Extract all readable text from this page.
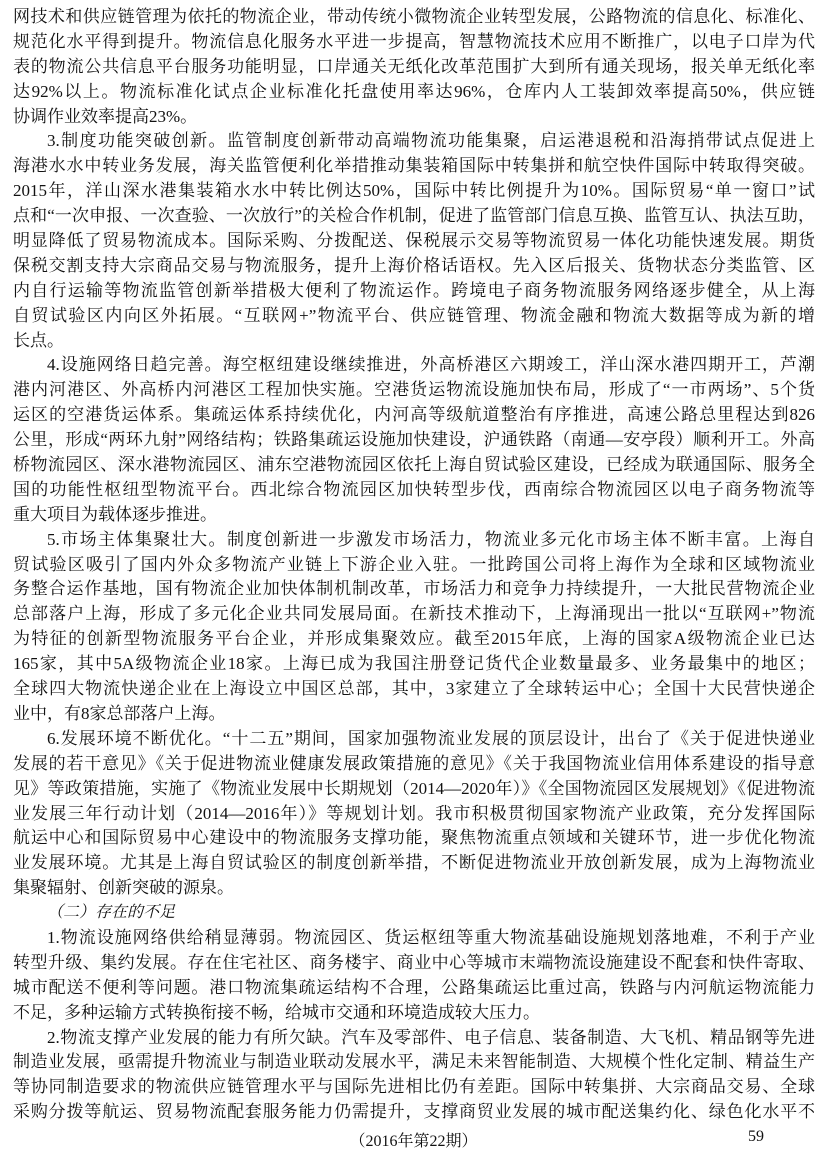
网技术和供应链管理为依托的物流企业，带动传统小微物流企业转型发展，公路物流的信息化、标准化、
规范化水平得到提升。物流信息化服务水平进一步提高，智慧物流技术应用不断推广，以电子口岸为代
表的物流公共信息平台服务功能明显，口岸通关无纸化改革范围扩大到所有通关现场，报关单无纸化率
达92%以上。物流标准化试点企业标准化托盘使用率达96%，仓库内人工装卸效率提高50%，供应链
协调作业效率提高23%。
3.制度功能突破创新。监管制度创新带动高端物流功能集聚，启运港退税和沿海捎带试点促进上
海港水水中转业务发展，海关监管便利化举措推动集装箱国际中转集拼和航空快件国际中转取得突破。
2015年，洋山深水港集装箱水水中转比例达50%，国际中转比例提升为10%。国际贸易“单一窗口”试
点和“一次申报、一次查验、一次放行”的关检合作机制，促进了监管部门信息互换、监管互认、执法互助，
明显降低了贸易物流成本。国际采购、分拨配送、保税展示交易等物流贸易一体化功能快速发展。期货
保税交割支持大宗商品交易与物流服务，提升上海价格话语权。先入区后报关、货物状态分类监管、区
内自行运输等物流监管创新举措极大便利了物流运作。跨境电子商务物流服务网络逐步健全，从上海
自贸试验区内向区外拓展。“互联网+”物流平台、供应链管理、物流金融和物流大数据等成为新的增
长点。
4.设施网络日趋完善。海空枢纽建设继续推进，外高桥港区六期竣工，洋山深水港四期开工，芦潮
港内河港区、外高桥内河港区工程加快实施。空港货运物流设施加快布局，形成了“一市两场”、5个货
运区的空港货运体系。集疏运体系持续优化，内河高等级航道整治有序推进，高速公路总里程达到826
公里，形成“两环九射”网络结构；铁路集疏运设施加快建设，沪通铁路（南通—安亭段）顺利开工。外高
桥物流园区、深水港物流园区、浦东空港物流园区依托上海自贸试验区建设，已经成为联通国际、服务全
国的功能性枢纽型物流平台。西北综合物流园区加快转型步伐，西南综合物流园区以电子商务物流等
重大项目为载体逐步推进。
5.市场主体集聚壮大。制度创新进一步激发市场活力，物流业多元化市场主体不断丰富。上海自
贸试验区吸引了国内外众多物流产业链上下游企业入驻。一批跨国公司将上海作为全球和区域物流业
务整合运作基地，国有物流企业加快体制机制改革，市场活力和竞争力持续提升，一大批民营物流企业
总部落户上海，形成了多元化企业共同发展局面。在新技术推动下，上海涌现出一批以“互联网+”物流
为特征的创新型物流服务平台企业，并形成集聚效应。截至2015年底，上海的国家A级物流企业已达
165家，其中5A级物流企业18家。上海已成为我国注册登记货代企业数量最多、业务最集中的地区；
全球四大物流快递企业在上海设立中国区总部，其中，3家建立了全球转运中心；全国十大民营快递企
业中，有8家总部落户上海。
6.发展环境不断优化。“十二五”期间，国家加强物流业发展的顶层设计，出台了《关于促进快递业
发展的若干意见》《关于促进物流业健康发展政策措施的意见》《关于我国物流业信用体系建设的指导意
见》等政策措施，实施了《物流业发展中长期规划（2014—2020年）》《全国物流园区发展规划》《促进物流
业发展三年行动计划（2014—2016年）》等规划计划。我市积极贯彻国家物流产业政策，充分发挥国际
航运中心和国际贸易中心建设中的物流服务支撑功能，聚焦物流重点领域和关键环节，进一步优化物流
业发展环境。尤其是上海自贸试验区的制度创新举措，不断促进物流业开放创新发展，成为上海物流业
集聚辐射、创新突破的源泉。
（二）存在的不足
1.物流设施网络供给稍显薄弱。物流园区、货运枢纽等重大物流基础设施规划落地难，不利于产业
转型升级、集约发展。存在住宅社区、商务楼宇、商业中心等城市末端物流设施建设不配套和快件寄取、
城市配送不便利等问题。港口物流集疏运结构不合理，公路集疏运比重过高，铁路与内河航运物流能力
不足，多种运输方式转换衔接不畅，给城市交通和环境造成较大压力。
2.物流支撑产业发展的能力有所欠缺。汽车及零部件、电子信息、装备制造、大飞机、精品钢等先进
制造业发展，亟需提升物流业与制造业联动发展水平，满足未来智能制造、大规模个性化定制、精益生产
等协同制造要求的物流供应链管理水平与国际先进相比仍有差距。国际中转集拼、大宗商品交易、全球
采购分拨等航运、贸易物流配套服务能力仍需提升，支撑商贸业发展的城市配送集约化、绿色化水平不
（2016年第22期）	59
